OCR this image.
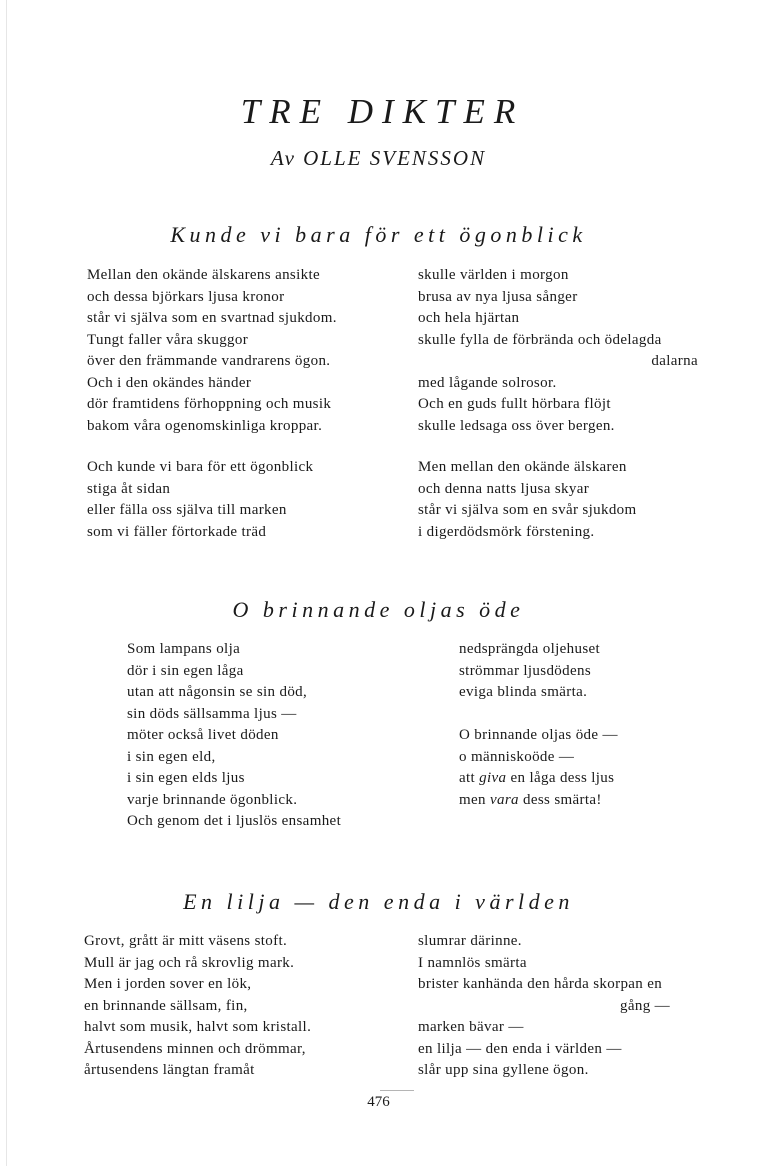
TRE DIKTER
Av OLLE SVENSSON
Kunde vi bara för ett ögonblick
Mellan den okände älskarens ansikte
och dessa björkars ljusa kronor
står vi själva som en svartnad sjukdom.
Tungt faller våra skuggor
över den främmande vandrarens ögon.
Och i den okändes händer
dör framtidens förhoppning och musik
bakom våra ogenomskinliga kroppar.
Och kunde vi bara för ett ögonblick
stiga åt sidan
eller fälla oss själva till marken
som vi fäller förtorkade träd
skulle världen i morgon
brusa av nya ljusa sånger
och hela hjärtan
skulle fylla de förbrända och ödelagda
dalarna
med lågande solrosor.
Och en guds fullt hörbara flöjt
skulle ledsaga oss över bergen.
Men mellan den okände älskaren
och denna natts ljusa skyar
står vi själva som en svår sjukdom
i digerdödsmörk förstening.
O brinnande oljas öde
Som lampans olja
dör i sin egen låga
utan att någonsin se sin död,
sin döds sällsamma ljus —
möter också livet döden
i sin egen eld,
i sin egen elds ljus
varje brinnande ögonblick.
Och genom det i ljuslös ensamhet
nedsprängda oljehuset
strömmar ljusdödens
eviga blinda smärta.
O brinnande oljas öde —
o människoöde —
att giva en låga dess ljus
men vara dess smärta!
En lilja — den enda i världen
Grovt, grått är mitt väsens stoft.
Mull är jag och rå skrovlig mark.
Men i jorden sover en lök,
en brinnande sällsam, fin,
halvt som musik, halvt som kristall.
Årtusendens minnen och drömmar,
årtusendens längtan framåt
slumrar därinne.
I namnlös smärta
brister kanhända den hårda skorpan en
gång —
marken bävar —
en lilja — den enda i världen —
slår upp sina gyllene ögon.
476
